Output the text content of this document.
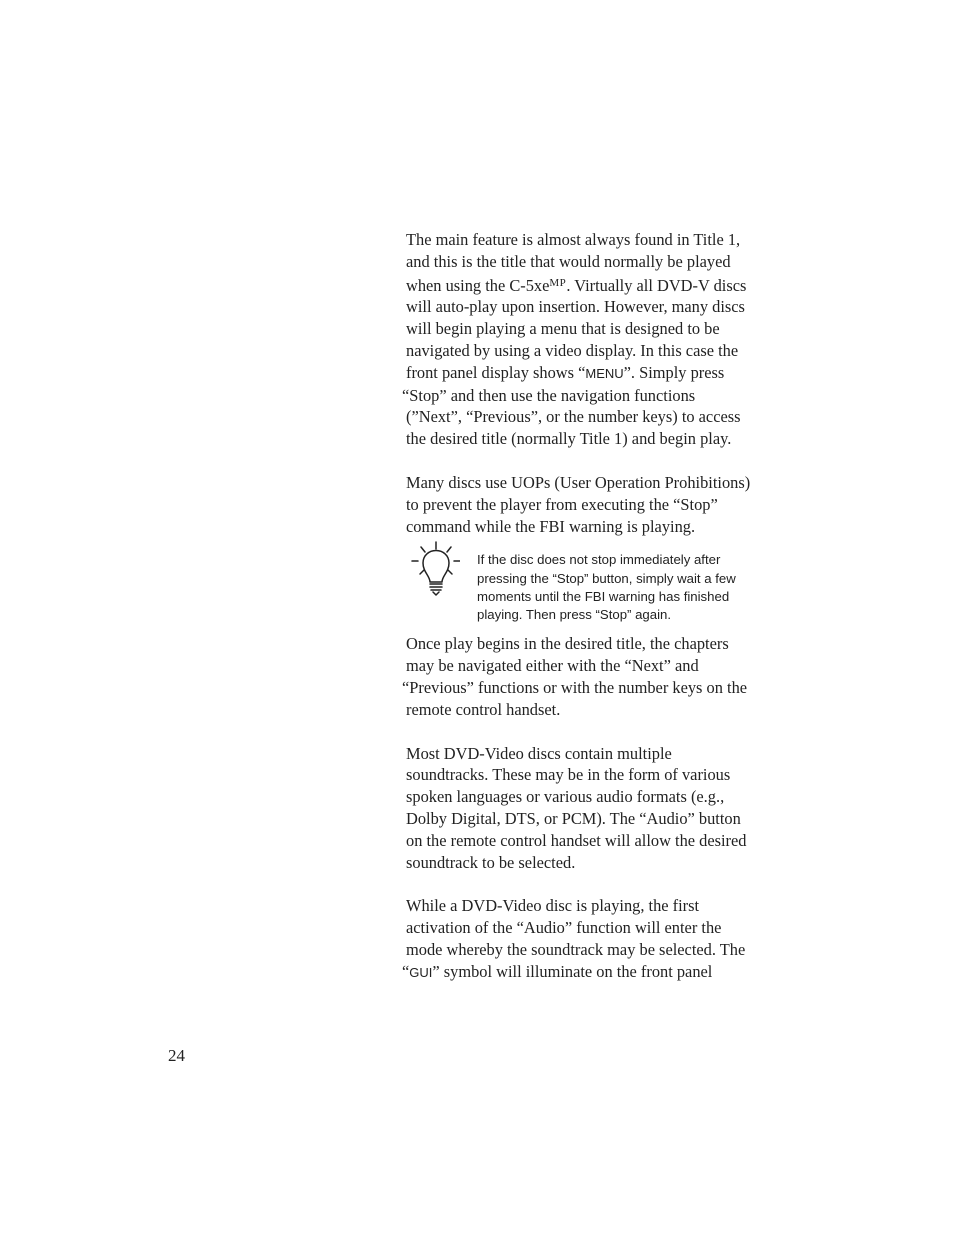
The main feature is almost always found in Title 1,
and this is the title that would normally be played
when using the $C-5xe^{MP}$. Virtually all DVD-V discs
will auto-play upon insertion. However, many discs
will begin playing a menu that is designed to be
navigated by using a video display. In this case the
front panel display shows “MENU”. Simply press
“Stop” and then use the navigation functions
(”Next”, “Previous”, or the number keys) to access
the desired title (normally Title 1) and begin play.

Many discs use UOPs (User Operation Prohibitions)
to prevent the player from executing the “Stop”
command while the FBI warning is playing.

If the disc does not stop immediately after
pressing the “Stop” button, simply wait a few
moments until the FBI warning has finished
playing. Then press “Stop” again.

Once play begins in the desired title, the chapters
may be navigated either with the “Next” and
“Previous” functions or with the number keys on the
remote control handset.

Most DVD-Video discs contain multiple
soundtracks. These may be in the form of various
spoken languages or various audio formats (e.g.,
Dolby Digital, DTS, or PCM). The “Audio” button
on the remote control handset will allow the desired
soundtrack to be selected.

While a DVD-Video disc is playing, the first
activation of the “Audio” function will enter the
mode whereby the soundtrack may be selected. The
“GUI” symbol will illuminate on the front panel

24
